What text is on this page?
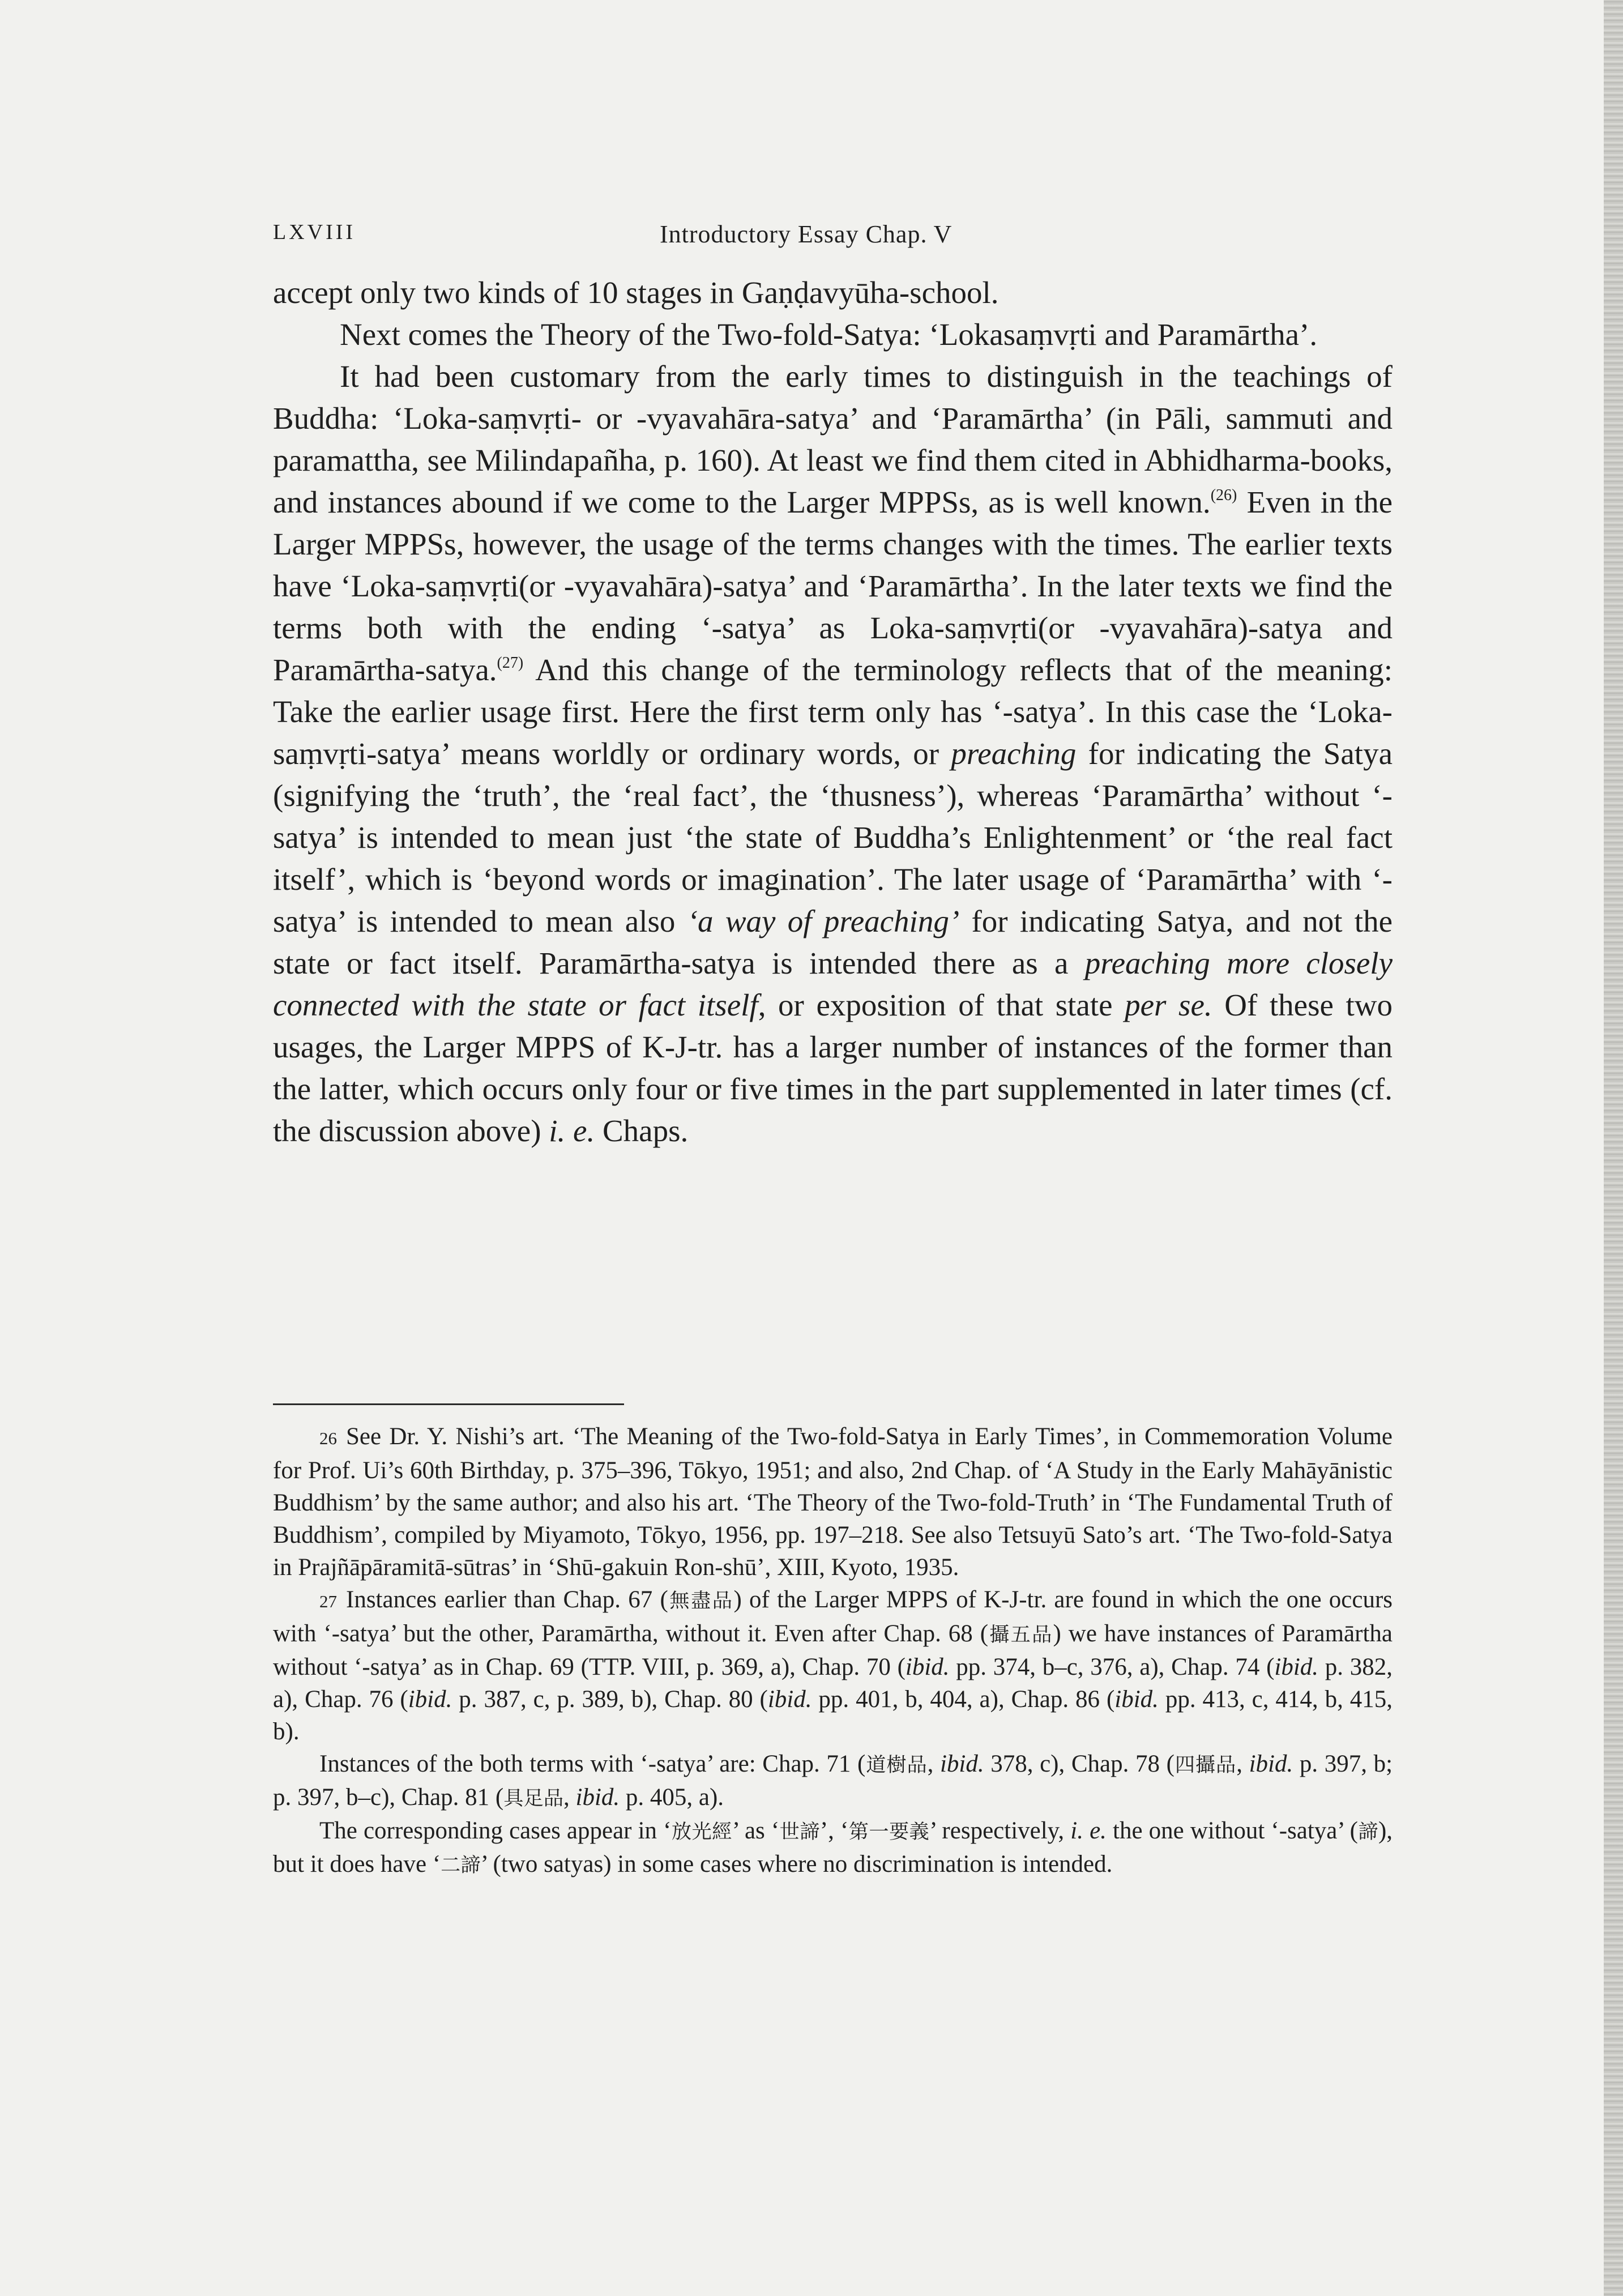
LXVIII	Introductory Essay Chap. V

accept only two kinds of 10 stages in Gaṇḍavyūha-school.

Next comes the Theory of the Two-fold-Satya: ‘Lokasaṃvṛti and Paramārtha’.

It had been customary from the early times to distinguish in the teachings of Buddha: ‘Loka-saṃvṛti- or -vyavahāra-satya’ and ‘Paramārtha’ (in Pāli, sammuti and paramattha, see Milindapañha, p. 160). At least we find them cited in Abhidharma-books, and instances abound if we come to the Larger MPPSs, as is well known.$^{(26)}$ Even in the Larger MPPSs, however, the usage of the terms changes with the times. The earlier texts have ‘Loka-saṃvṛti(or -vyavahāra)-satya’ and ‘Paramārtha’. In the later texts we find the terms both with the ending ‘-satya’ as Loka-saṃvṛti(or -vyavahāra)-satya and Paramārtha-satya.$^{(27)}$ And this change of the terminology reflects that of the meaning: Take the earlier usage first. Here the first term only has ‘-satya’. In this case the ‘Loka-saṃvṛti-satya’ means worldly or ordinary words, or preaching for indicating the Satya (signifying the ‘truth’, the ‘real fact’, the ‘thusness’), whereas ‘Paramārtha’ without ‘-satya’ is intended to mean just ‘the state of Buddha’s Enlightenment’ or ‘the real fact itself’, which is ‘beyond words or imagination’. The later usage of ‘Paramārtha’ with ‘-satya’ is intended to mean also ‘a way of preaching’ for indicating Satya, and not the state or fact itself. Paramārtha-satya is intended there as a preaching more closely connected with the state or fact itself, or exposition of that state per se. Of these two usages, the Larger MPPS of K-J-tr. has a larger number of instances of the former than the latter, which occurs only four or five times in the part supplemented in later times (cf. the discussion above) i. e. Chaps.

26 See Dr. Y. Nishi’s art. ‘The Meaning of the Two-fold-Satya in Early Times’, in Commemoration Volume for Prof. Ui’s 60th Birthday, p. 375–396, Tōkyo, 1951; and also, 2nd Chap. of ‘A Study in the Early Mahāyānistic Buddhism’ by the same author; and also his art. ‘The Theory of the Two-fold-Truth’ in ‘The Fundamental Truth of Buddhism’, compiled by Miyamoto, Tōkyo, 1956, pp. 197–218. See also Tetsuyū Sato’s art. ‘The Two-fold-Satya in Prajñāpāramitā-sūtras’ in ‘Shū-gakuin Ron-shū’, XIII, Kyoto, 1935.

27 Instances earlier than Chap. 67 (無盡品) of the Larger MPPS of K-J-tr. are found in which the one occurs with ‘-satya’ but the other, Paramārtha, without it. Even after Chap. 68 (攝五品) we have instances of Paramārtha without ‘-satya’ as in Chap. 69 (TTP. VIII, p. 369, a), Chap. 70 (ibid. pp. 374, b–c, 376, a), Chap. 74 (ibid. p. 382, a), Chap. 76 (ibid. p. 387, c, p. 389, b), Chap. 80 (ibid. pp. 401, b, 404, a), Chap. 86 (ibid. pp. 413, c, 414, b, 415, b).

Instances of the both terms with ‘-satya’ are: Chap. 71 (道樹品, ibid. 378, c), Chap. 78 (四攝品, ibid. p. 397, b; p. 397, b–c), Chap. 81 (具足品, ibid. p. 405, a).

The corresponding cases appear in ‘放光經’ as ‘世諦’, ‘第一要義’ respectively, i. e. the one without ‘-satya’ (諦), but it does have ‘二諦’ (two satyas) in some cases where no discrimination is intended.
